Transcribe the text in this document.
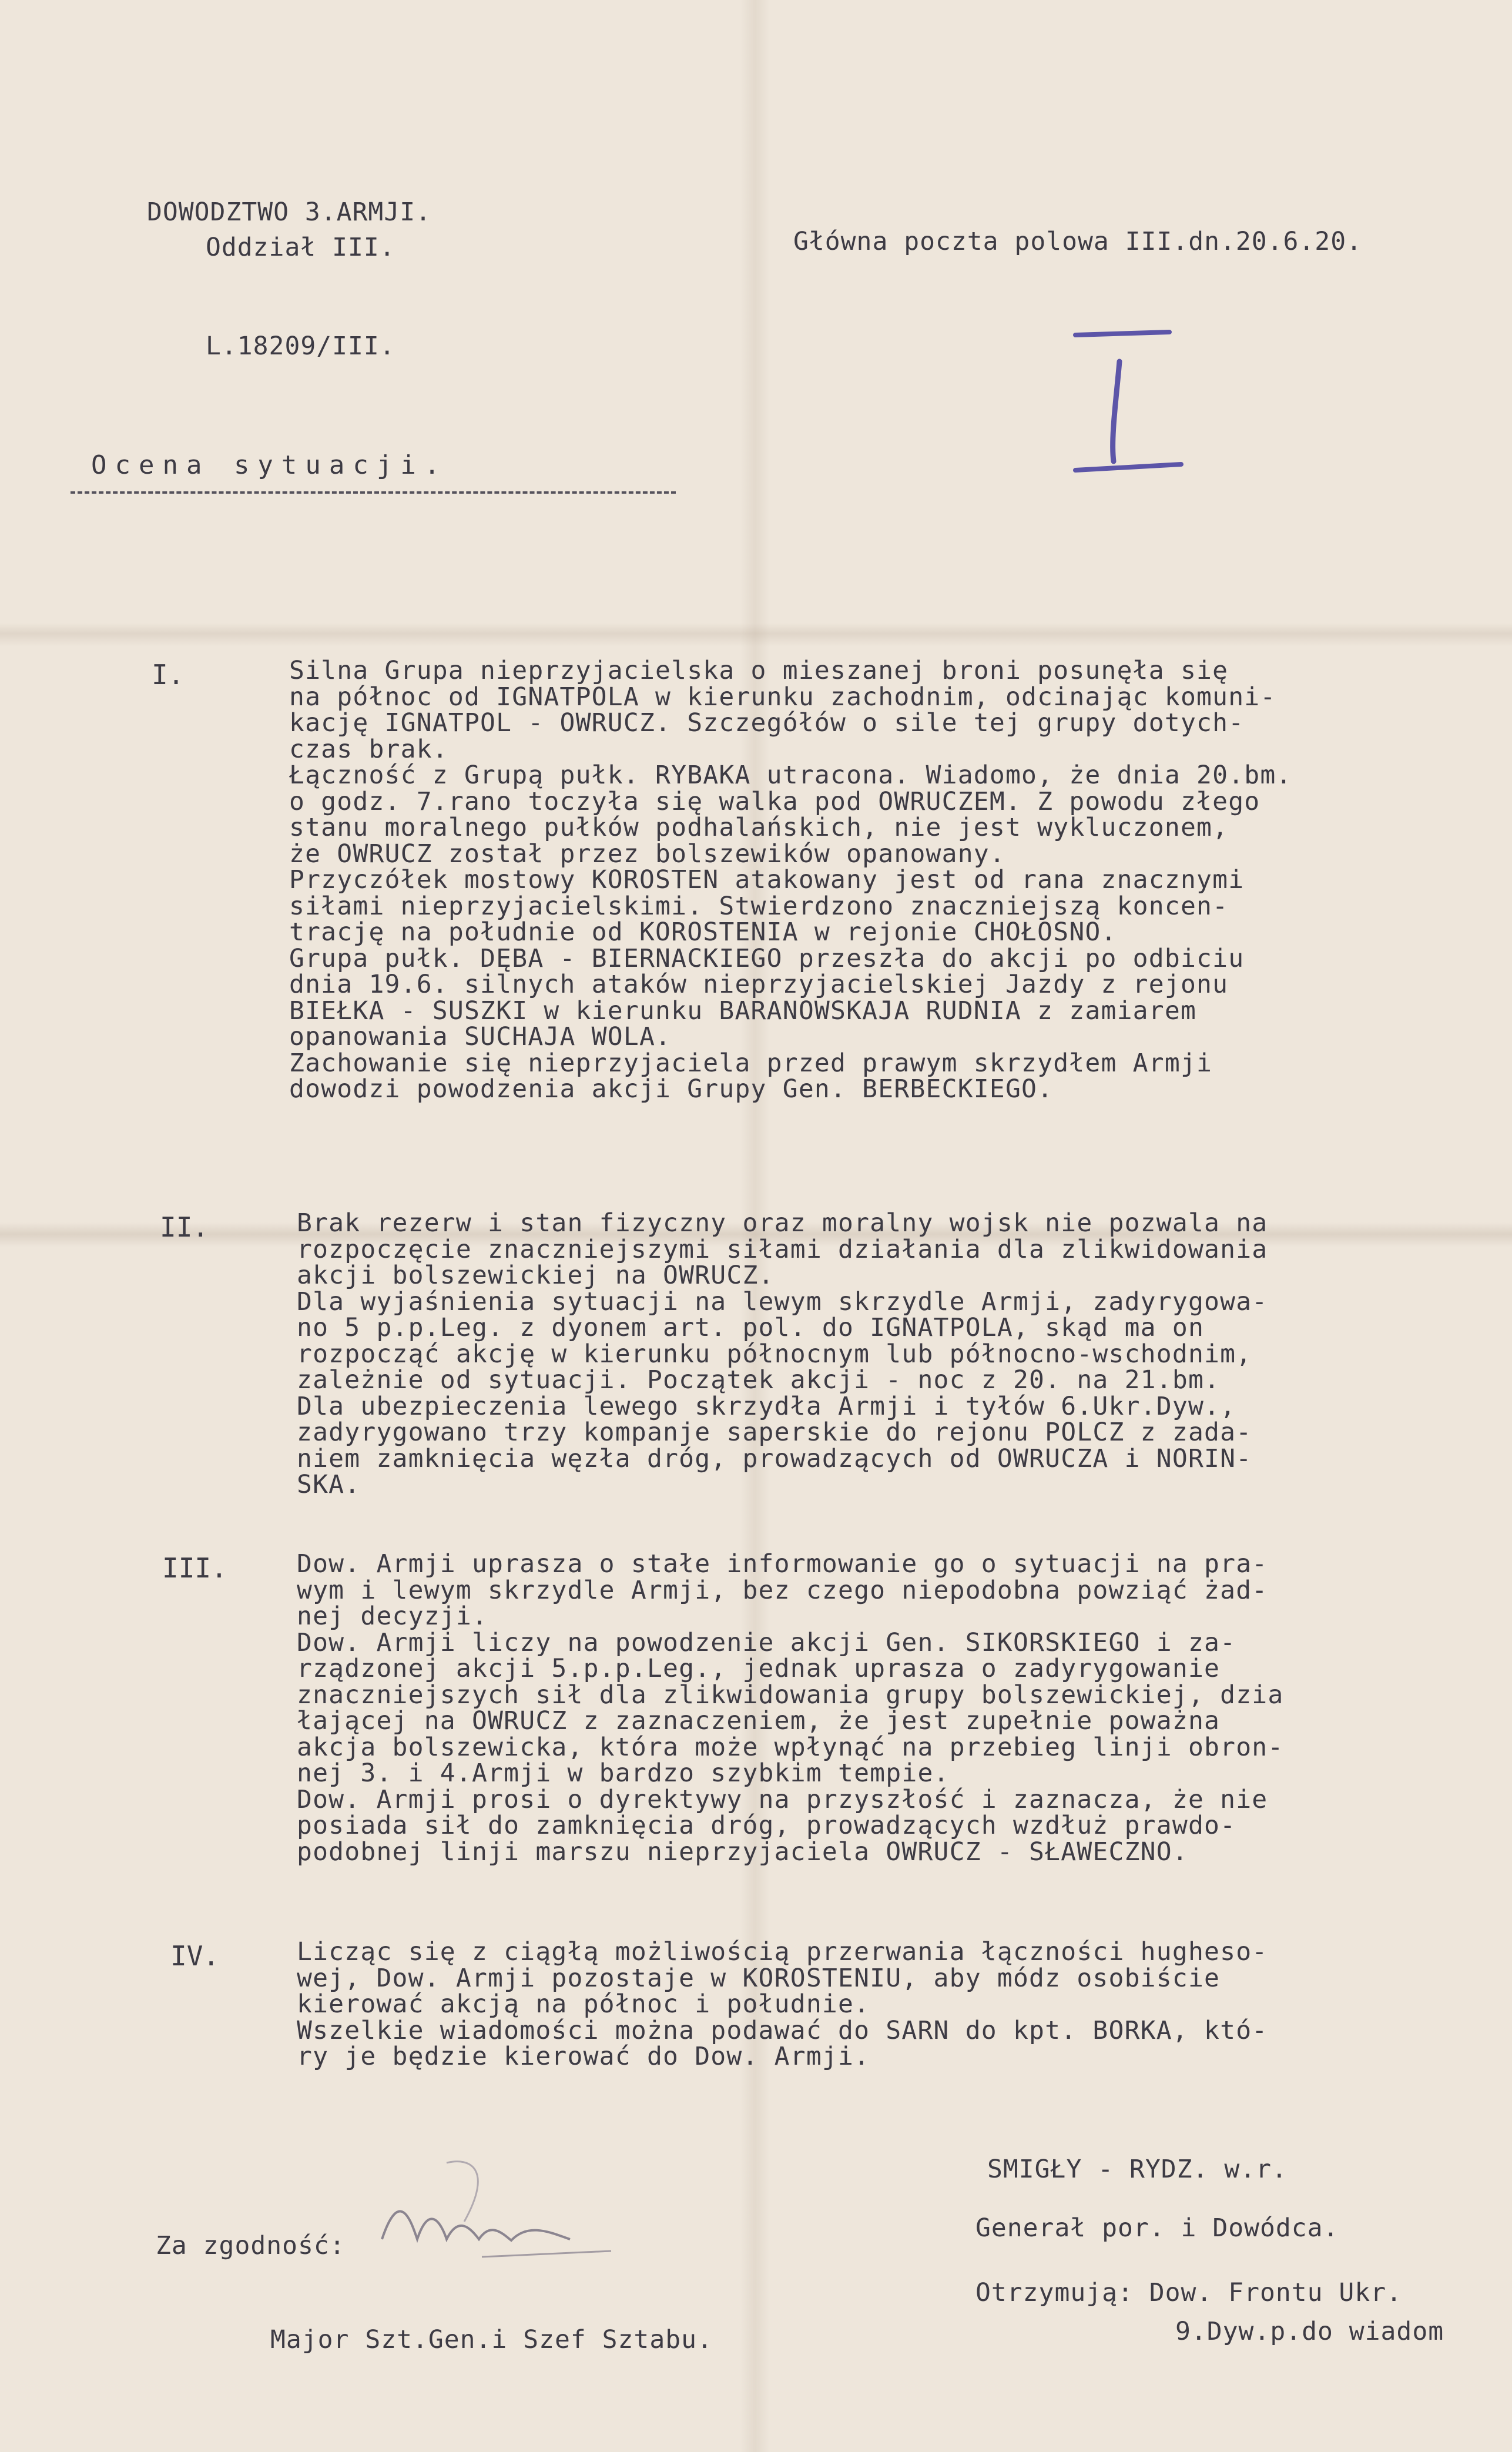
DOWODZTWO 3.ARMJI.
Oddział III.	Główna poczta polowa III.dn.20.6.20.
L.18209/III.
Ocena sytuacji.
I.	Silna Grupa nieprzyjacielska o mieszanej broni posunęła się
na północ od IGNATPOLA w kierunku zachodnim, odcinając komuni-
kację IGNATPOL - OWRUCZ. Szczegółów o sile tej grupy dotych-
czas brak.
Łączność z Grupą pułk. RYBAKA utracona. Wiadomo, że dnia 20.bm.
o godz. 7.rano toczyła się walka pod OWRUCZEM. Z powodu złego
stanu moralnego pułków podhalańskich, nie jest wykluczonem,
że OWRUCZ został przez bolszewików opanowany.
Przyczółek mostowy KOROSTEN atakowany jest od rana znacznymi
siłami nieprzyjacielskimi. Stwierdzono znaczniejszą koncen-
trację na południe od KOROSTENIA w rejonie CHOŁOSNO.
Grupa pułk. DĘBA - BIERNACKIEGO przeszła do akcji po odbiciu
dnia 19.6. silnych ataków nieprzyjacielskiej Jazdy z rejonu
BIEŁKA - SUSZKI w kierunku BARANOWSKAJA RUDNIA z zamiarem
opanowania SUCHAJA WOLA.
Zachowanie się nieprzyjaciela przed prawym skrzydłem Armji
dowodzi powodzenia akcji Grupy Gen. BERBECKIEGO.
II.	Brak rezerw i stan fizyczny oraz moralny wojsk nie pozwala na
rozpoczęcie znaczniejszymi siłami działania dla zlikwidowania
akcji bolszewickiej na OWRUCZ.
Dla wyjaśnienia sytuacji na lewym skrzydle Armji, zadyrygowa-
no 5 p.p.Leg. z dyonem art. pol. do IGNATPOLA, skąd ma on
rozpocząć akcję w kierunku północnym lub północno-wschodnim,
zależnie od sytuacji. Początek akcji - noc z 20. na 21.bm.
Dla ubezpieczenia lewego skrzydła Armji i tyłów 6.Ukr.Dyw.,
zadyrygowano trzy kompanje saperskie do rejonu POLCZ z zada-
niem zamknięcia węzła dróg, prowadzących od OWRUCZA i NORIN-
SKA.
III.	Dow. Armji uprasza o stałe informowanie go o sytuacji na pra-
wym i lewym skrzydle Armji, bez czego niepodobna powziąć żad-
nej decyzji.
Dow. Armji liczy na powodzenie akcji Gen. SIKORSKIEGO i za-
rządzonej akcji 5.p.p.Leg., jednak uprasza o zadyrygowanie
znaczniejszych sił dla zlikwidowania grupy bolszewickiej, dzia
łającej na OWRUCZ z zaznaczeniem, że jest zupełnie poważna
akcja bolszewicka, która może wpłynąć na przebieg linji obron-
nej 3. i 4.Armji w bardzo szybkim tempie.
Dow. Armji prosi o dyrektywy na przyszłość i zaznacza, że nie
posiada sił do zamknięcia dróg, prowadzących wzdłuż prawdo-
podobnej linji marszu nieprzyjaciela OWRUCZ - SŁAWECZNO.
IV.	Licząc się z ciągłą możliwością przerwania łączności hughesо-
wej, Dow. Armji pozostaje w KOROSTENIU, aby módz osobiście
kierować akcją na północ i południe.
Wszelkie wiadomości można podawać do SARN do kpt. BORKA, któ-
ry je będzie kierować do Dow. Armji.
SMIGŁY - RYDZ. w.r.
Generał por. i Dowódca.
Otrzymują: Dow. Frontu Ukr.
9.Dyw.p.do wiadom
Za zgodność:
Major Szt.Gen.i Szef Sztabu.
